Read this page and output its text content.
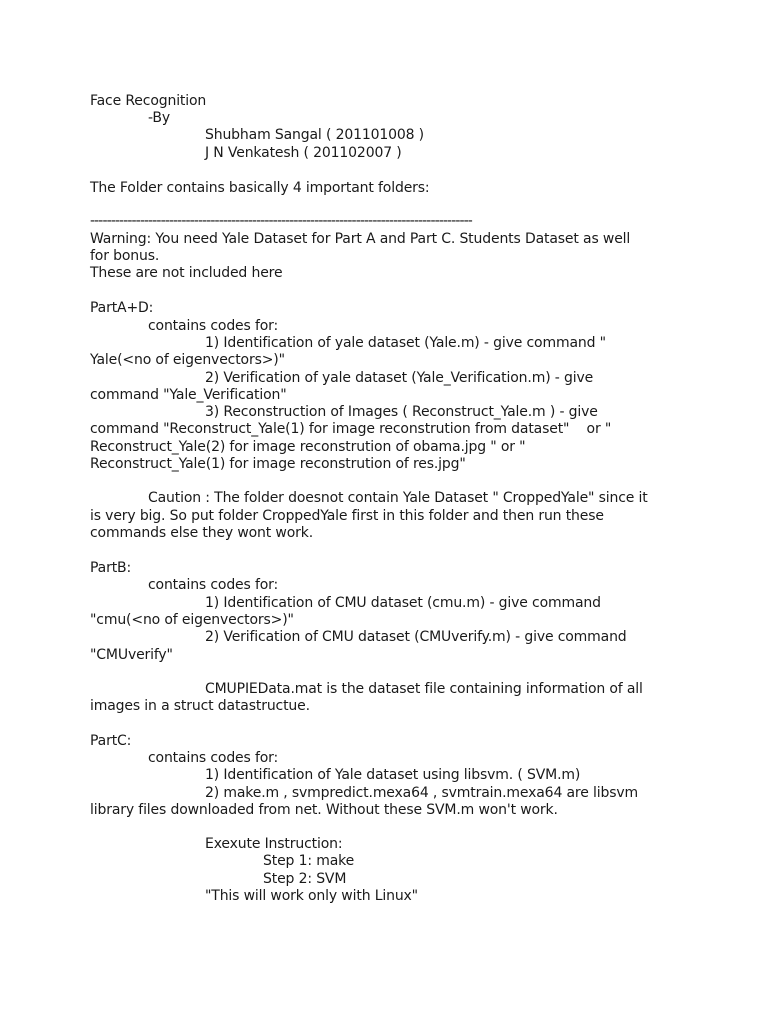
Face Recognition

-By

Shubham Sangal ( 201101008 )

J N Venkatesh ( 201102007 )

The Folder contains basically 4 important folders:

--------------------------------------------------------------------------------------------

Warning: You need Yale Dataset for Part A and Part C. Students Dataset as well

for bonus.

These are not included here

PartA+D:

contains codes for:

1) Identification of yale dataset (Yale.m) - give command "

Yale(<no of eigenvectors>)"

2) Verification of yale dataset (Yale_Verification.m) - give

command "Yale_Verification"

3) Reconstruction of Images ( Reconstruct_Yale.m ) - give

command "Reconstruct_Yale(1) for image reconstrution from dataset"    or "

Reconstruct_Yale(2) for image reconstrution of obama.jpg " or "

Reconstruct_Yale(1) for image reconstrution of res.jpg"

Caution : The folder doesnot contain Yale Dataset " CroppedYale" since it

is very big. So put folder CroppedYale first in this folder and then run these

commands else they wont work.

PartB:

contains codes for:

1) Identification of CMU dataset (cmu.m) - give command

"cmu(<no of eigenvectors>)"

2) Verification of CMU dataset (CMUverify.m) - give command

"CMUverify"

CMUPIEData.mat is the dataset file containing information of all

images in a struct datastructue.

PartC:

contains codes for:

1) Identification of Yale dataset using libsvm. ( SVM.m)

2) make.m , svmpredict.mexa64 , svmtrain.mexa64 are libsvm

library files downloaded from net. Without these SVM.m won't work.

Exexute Instruction:

Step 1: make

Step 2: SVM

"This will work only with Linux"
